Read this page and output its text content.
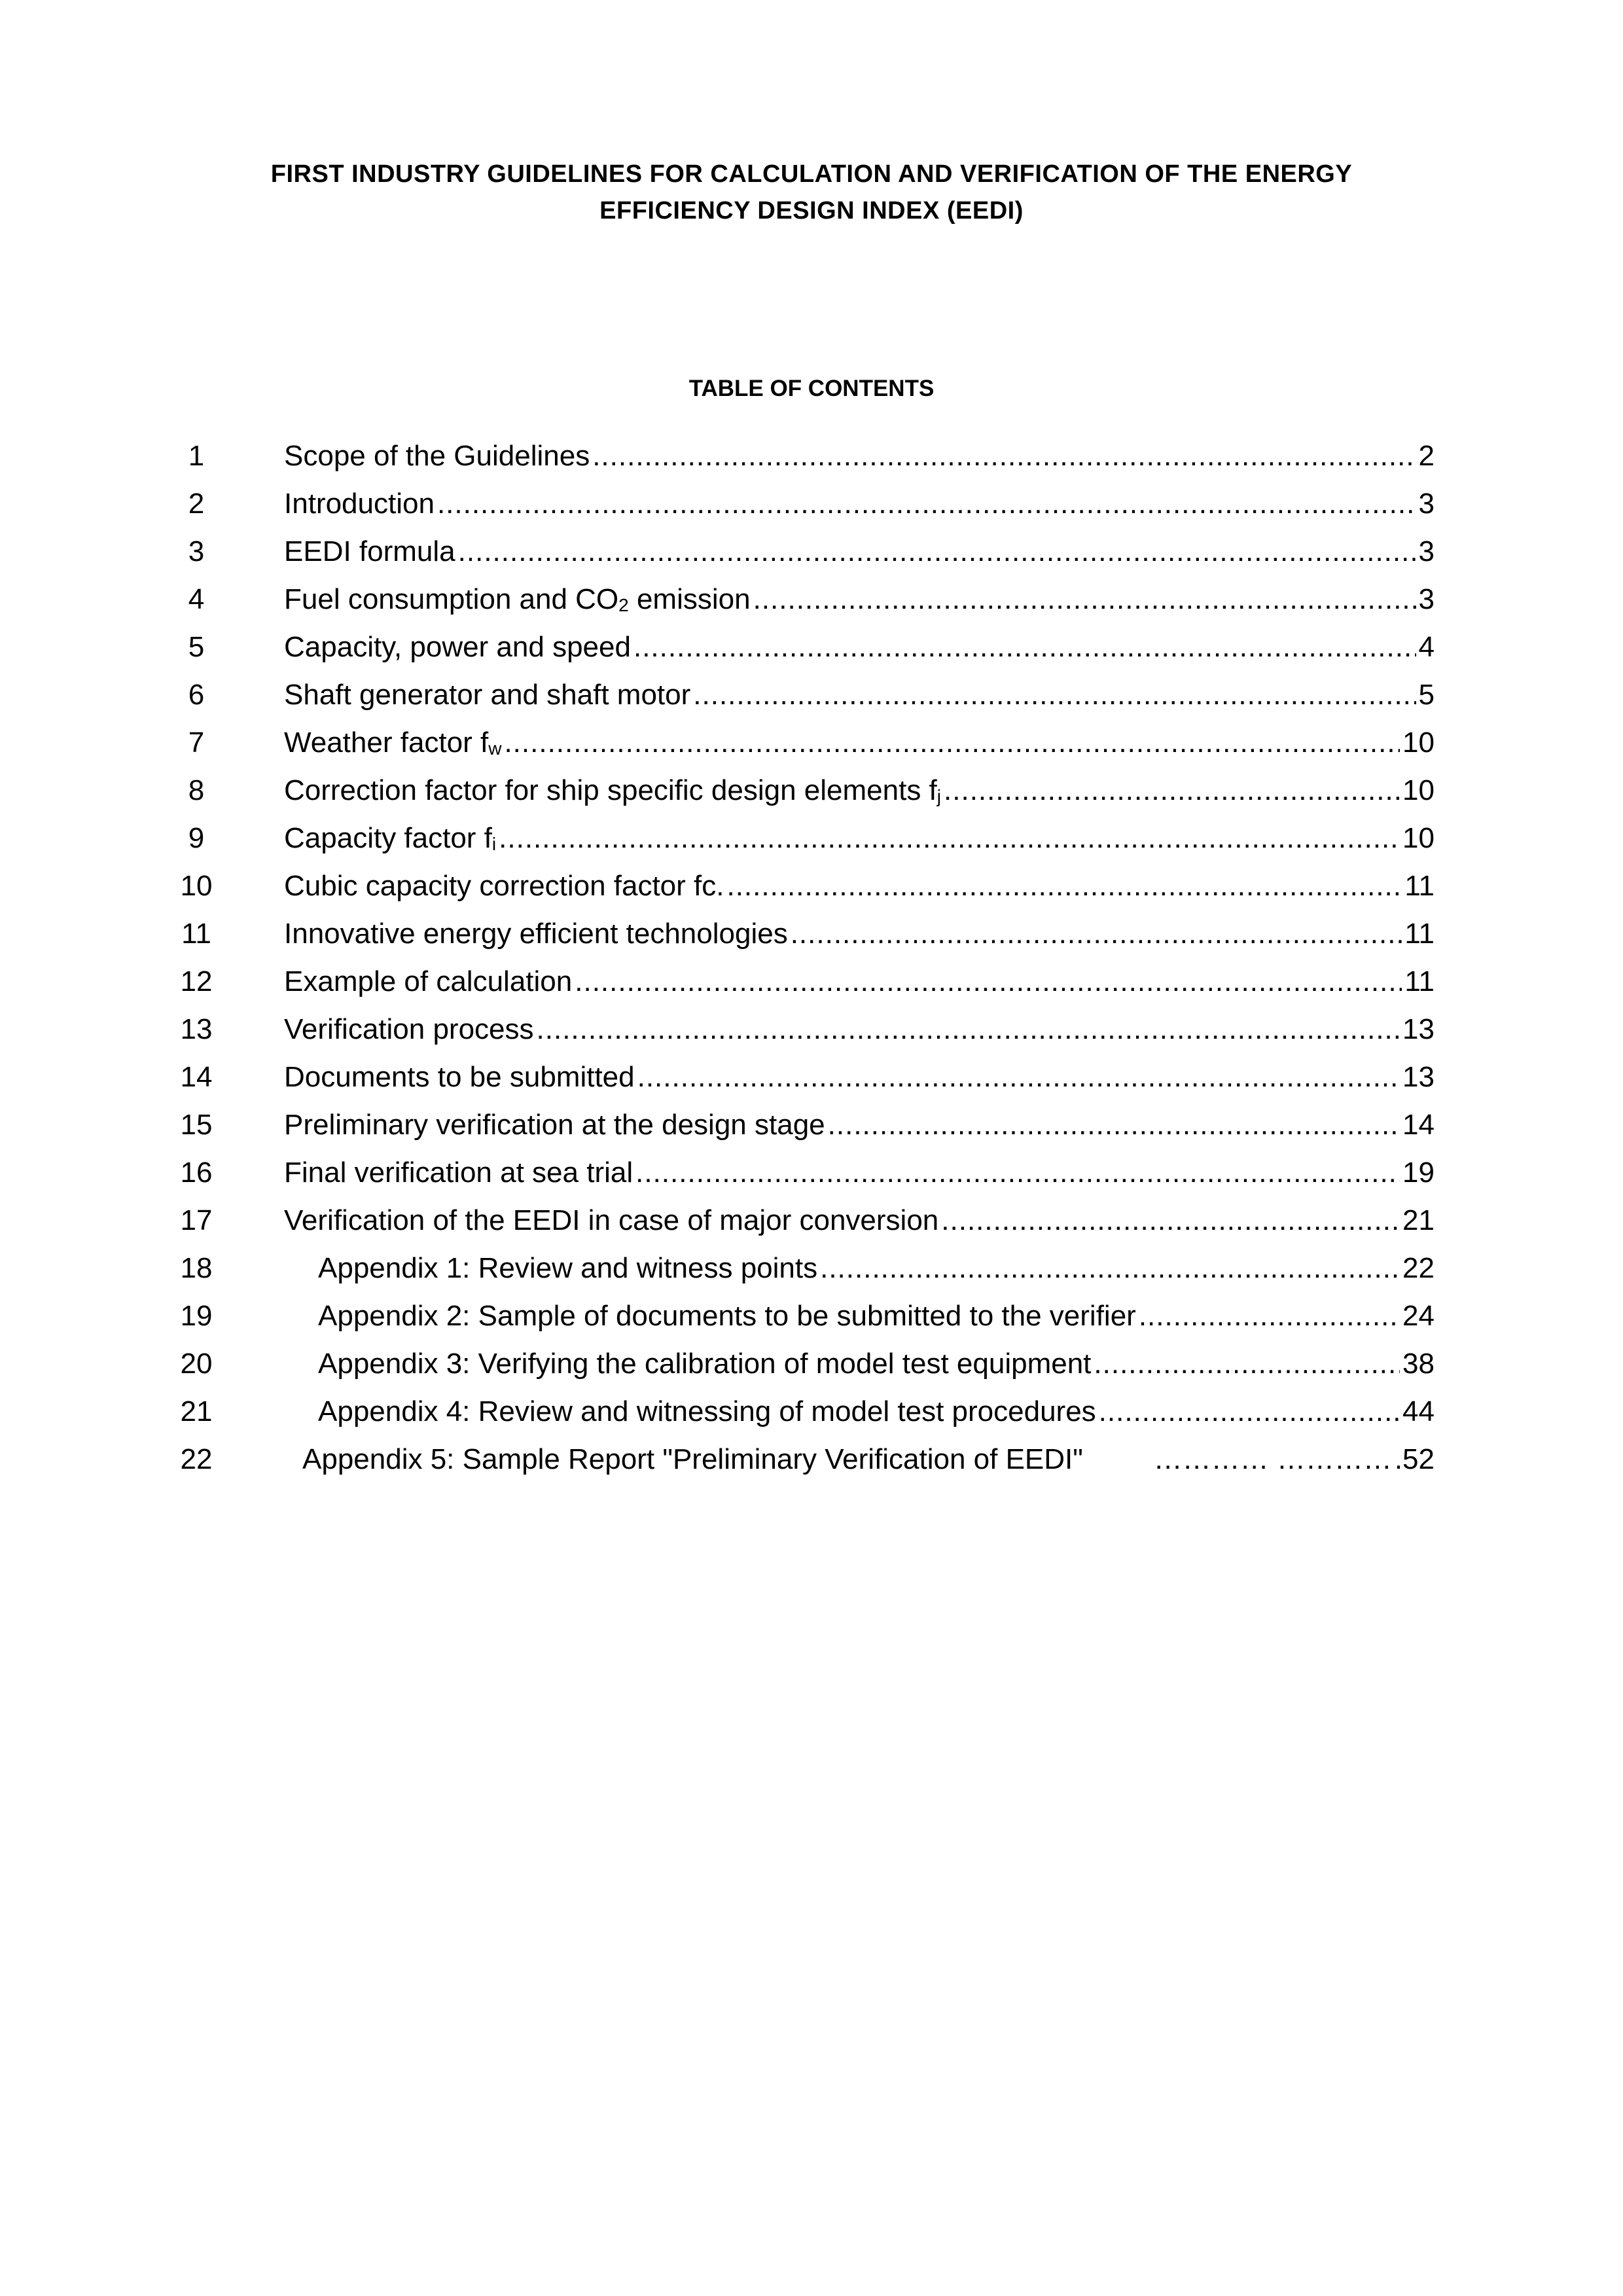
FIRST INDUSTRY GUIDELINES FOR CALCULATION AND VERIFICATION OF THE ENERGY
EFFICIENCY DESIGN INDEX (EEDI)
TABLE OF CONTENTS
1	Scope of the Guidelines .....	2
2	Introduction .....	3
3	EEDI formula .....	3
4	Fuel consumption and $CO_2$ emission .....	3
5	Capacity, power and speed .....	4
6	Shaft generator and shaft motor .....	5
7	Weather factor $f_w$ .....	10
8	Correction factor for ship specific design elements $f_j$ .....	10
9	Capacity factor $f_i$ .....	10
10	Cubic capacity correction factor fc. .....	11
11	Innovative energy efficient technologies .....	11
12	Example of calculation .....	11
13	Verification process .....	13
14	Documents to be submitted .....	13
15	Preliminary verification at the design stage .....	14
16	Final verification at sea trial .....	19
17	Verification of the EEDI in case of major conversion .....	21
18	Appendix 1: Review and witness points .....	22
19	Appendix 2: Sample of documents to be submitted to the verifier .....	24
20	Appendix 3: Verifying the calibration of model test equipment .....	38
21	Appendix 4: Review and witnessing of model test procedures .....	44
22	Appendix 5: Sample Report "Preliminary Verification of EEDI"	………… ………… .52
